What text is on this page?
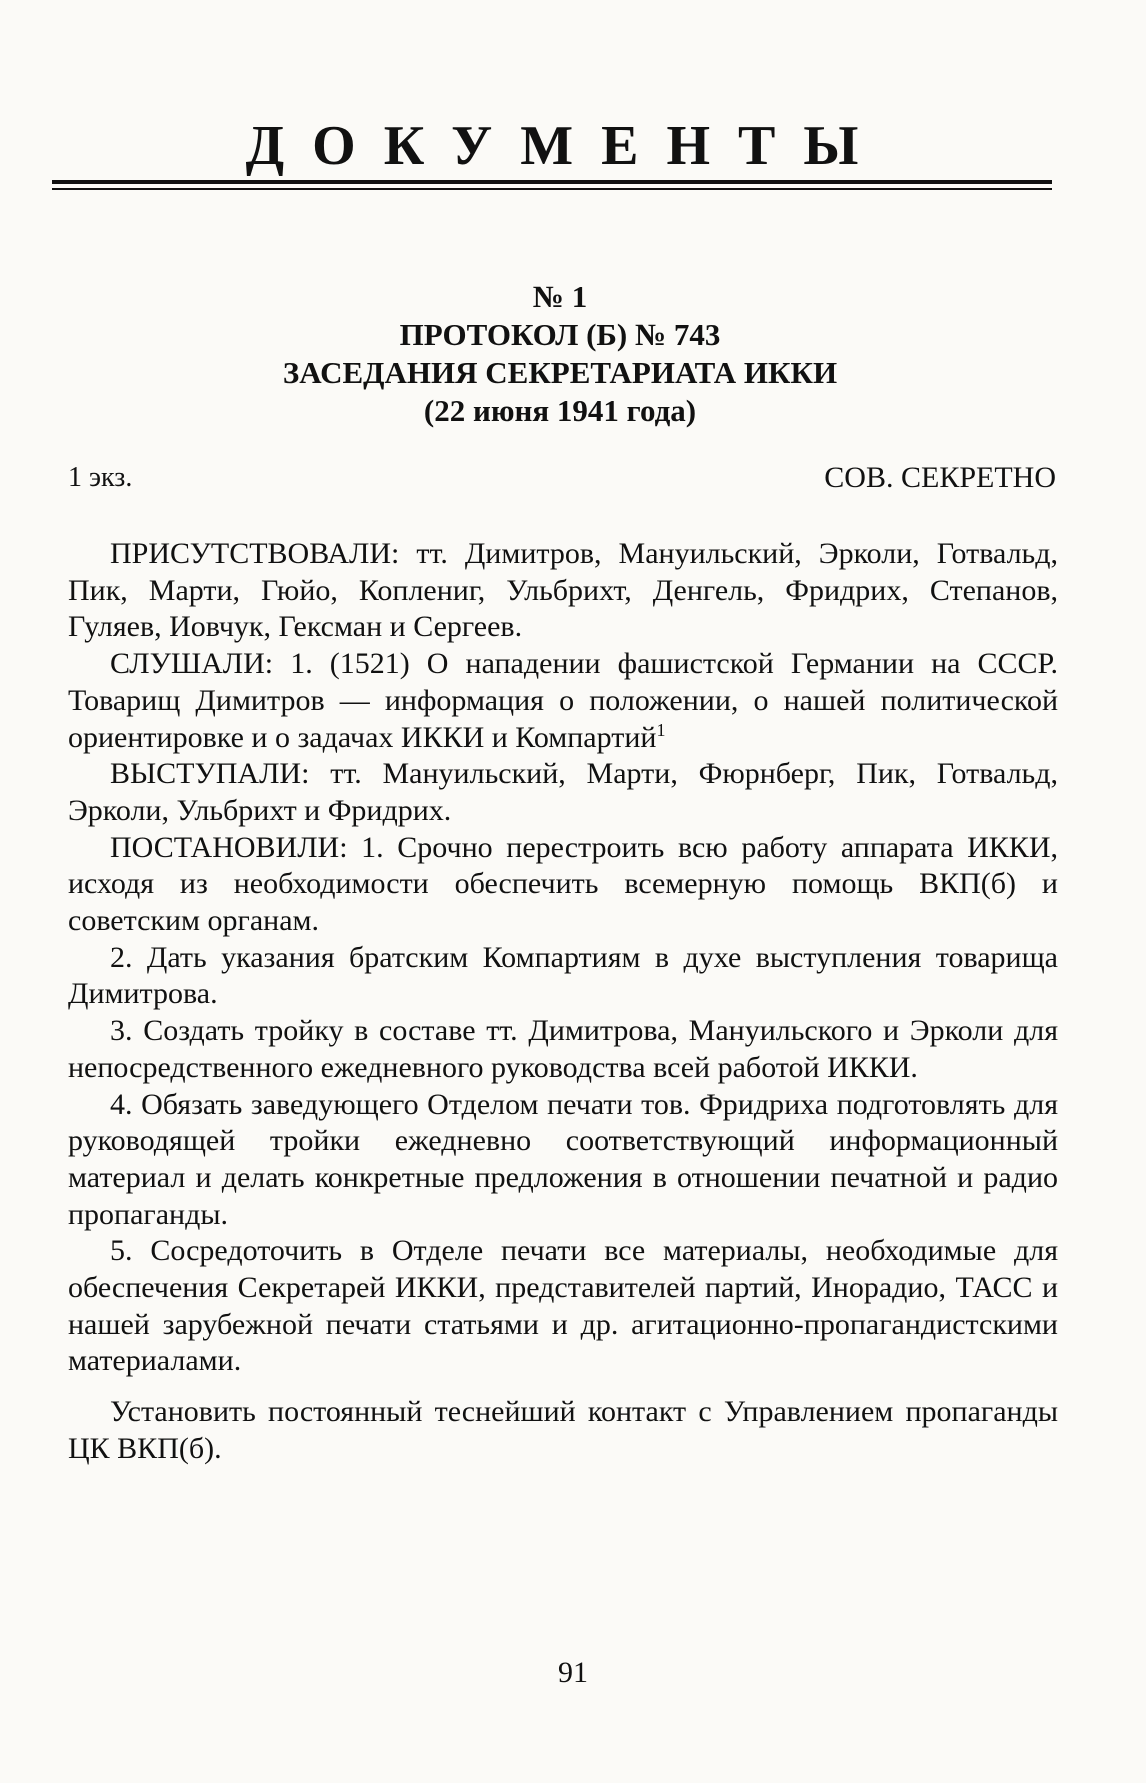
ДОКУМЕНТЫ
№ 1
ПРОТОКОЛ (Б) № 743
ЗАСЕДАНИЯ СЕКРЕТАРИАТА ИККИ
(22 июня 1941 года)
1 экз.	СОВ. СЕКРЕТНО

ПРИСУТСТВОВАЛИ: тт. Димитров, Мануильский, Эрколи, Готвальд, Пик, Марти, Гюйо, Коплениг, Ульбрихт, Денгель, Фридрих, Степанов, Гуляев, Иовчук, Гексман и Сергеев.

СЛУШАЛИ: 1. (1521) О нападении фашистской Германии на СССР. Товарищ Димитров — информация о положении, о нашей политической ориентировке и о задачах ИККИ и Компартий$^1$

ВЫСТУПАЛИ: тт. Мануильский, Марти, Фюрнберг, Пик, Готвальд, Эрколи, Ульбрихт и Фридрих.

ПОСТАНОВИЛИ: 1. Срочно перестроить всю работу аппарата ИККИ, исходя из необходимости обеспечить всемерную помощь ВКП(б) и советским органам.

2. Дать указания братским Компартиям в духе выступления товарища Димитрова.

3. Создать тройку в составе тт. Димитрова, Мануильского и Эрколи для непосредственного ежедневного руководства всей работой ИККИ.

4. Обязать заведующего Отделом печати тов. Фридриха подготовлять для руководящей тройки ежедневно соответствующий информационный материал и делать конкретные предложения в отношении печатной и радио пропаганды.

5. Сосредоточить в Отделе печати все материалы, необходимые для обеспечения Секретарей ИККИ, представителей партий, Инорадио, ТАСС и нашей зарубежной печати статьями и др. агитационно-пропагандистскими материалами.

Установить постоянный теснейший контакт с Управлением пропаганды ЦК ВКП(б).

91
